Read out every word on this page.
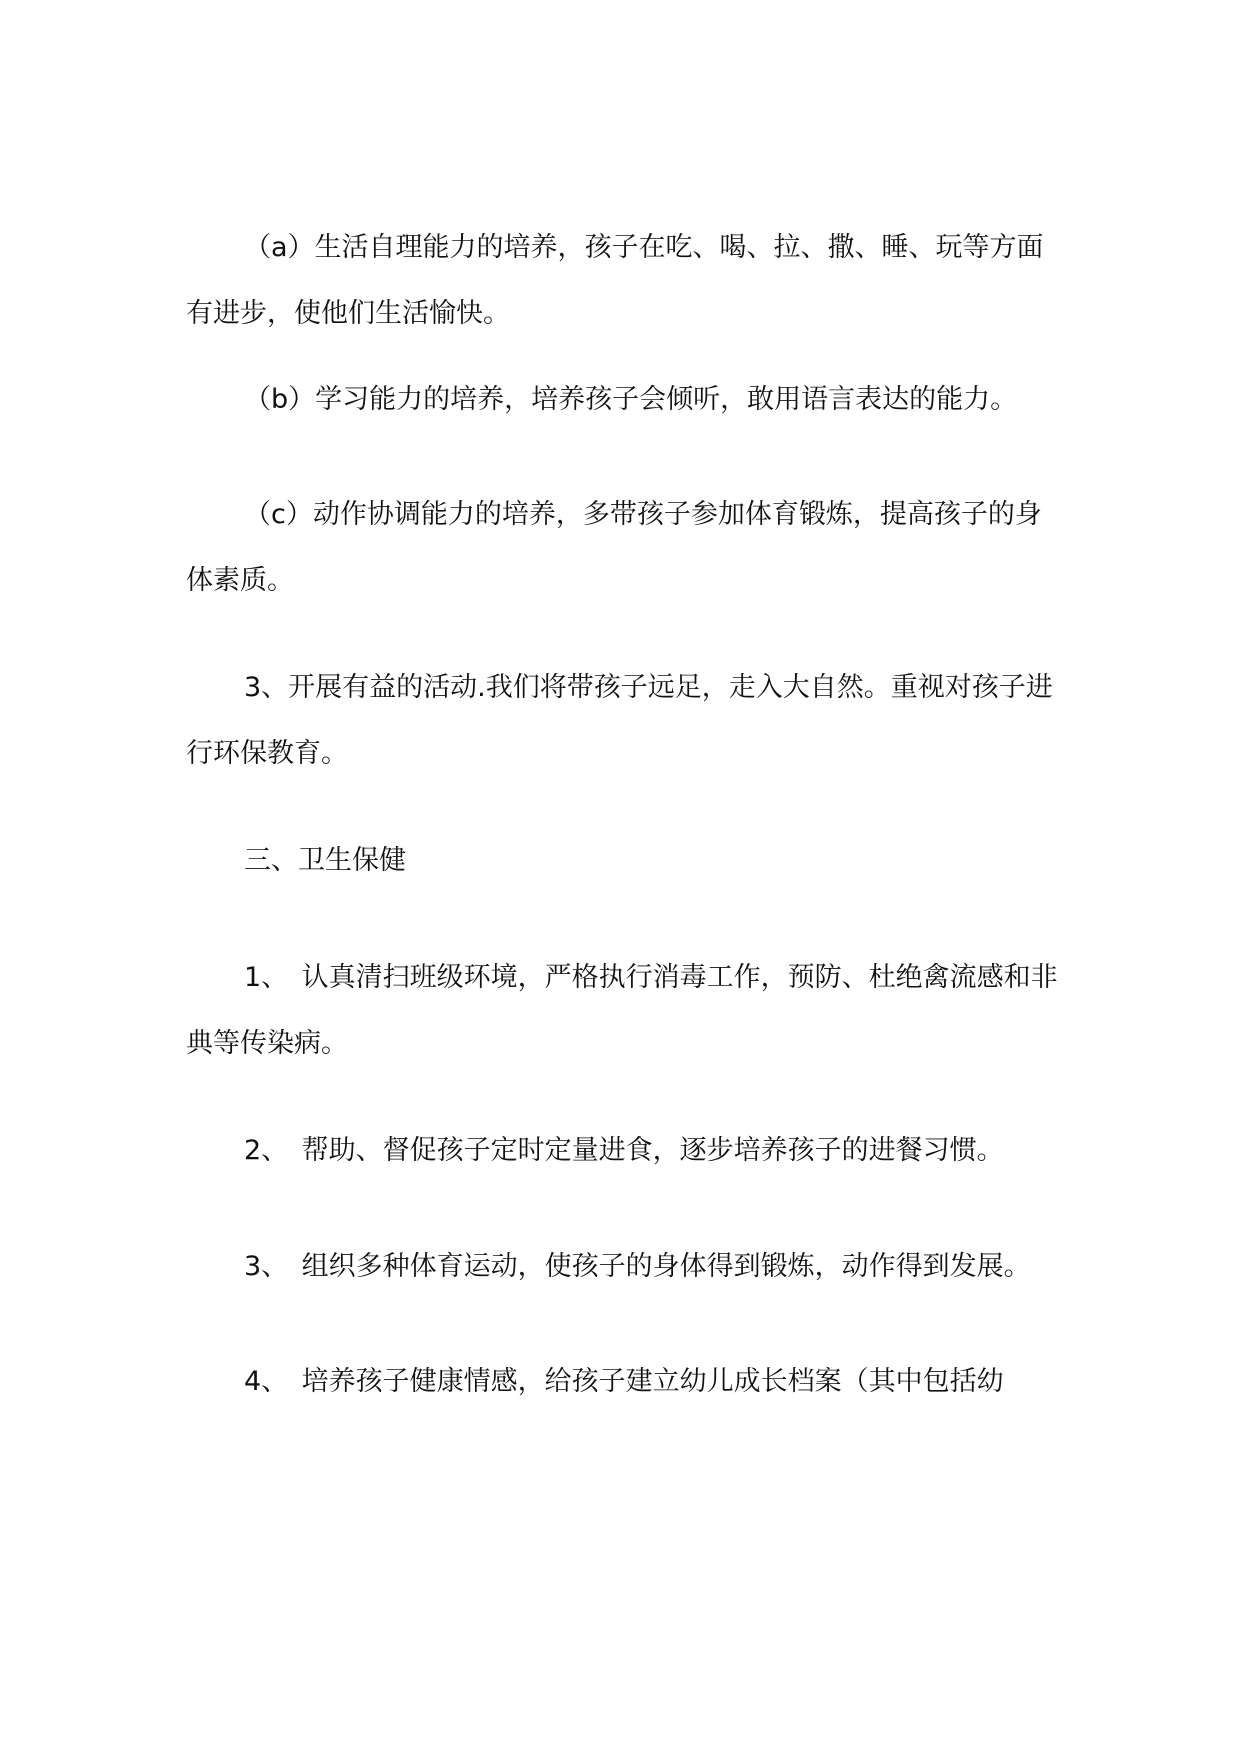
（a）生活自理能力的培养，孩子在吃、喝、拉、撒、睡、玩等方面有进步，使他们生活愉快。

（b）学习能力的培养，培养孩子会倾听，敢用语言表达的能力。

（c）动作协调能力的培养，多带孩子参加体育锻炼，提高孩子的身体素质。

3、开展有益的活动.我们将带孩子远足，走入大自然。重视对孩子进行环保教育。

三、卫生保健

1、　认真清扫班级环境，严格执行消毒工作，预防、杜绝禽流感和非典等传染病。

2、　帮助、督促孩子定时定量进食，逐步培养孩子的进餐习惯。

3、　组织多种体育运动，使孩子的身体得到锻炼，动作得到发展。

4、　培养孩子健康情感，给孩子建立幼儿成长档案（其中包括幼
